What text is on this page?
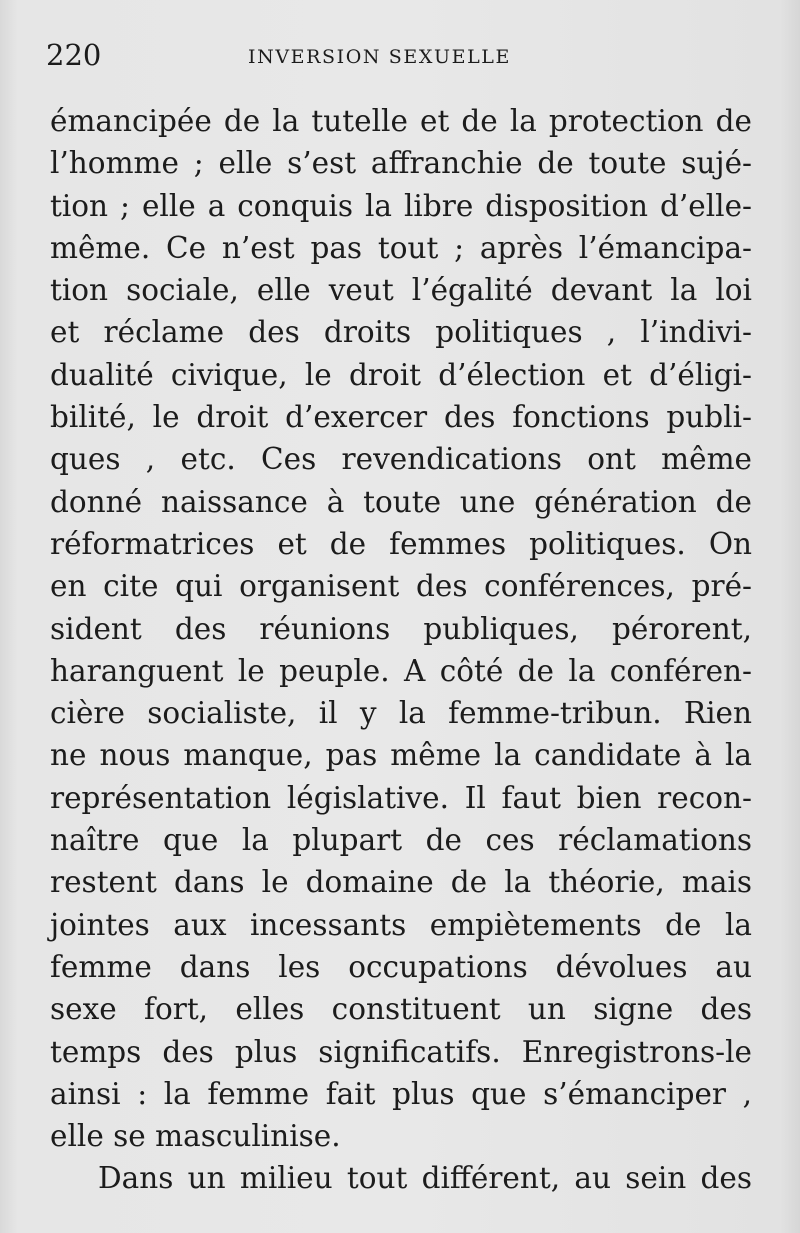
220	INVERSION SEXUELLE
émancipée de la tutelle et de la protection de
l’homme ; elle s’est affranchie de toute sujé-
tion ; elle a conquis la libre disposition d’elle-
même. Ce n’est pas tout ; après l’émancipa-
tion sociale, elle veut l’égalité devant la loi
et réclame des droits politiques , l’indivi-
dualité civique, le droit d’élection et d’éligi-
bilité, le droit d’exercer des fonctions publi-
ques , etc. Ces revendications ont même
donné naissance à toute une génération de
réformatrices et de femmes politiques. On
en cite qui organisent des conférences, pré-
sident des réunions publiques, pérorent,
haranguent le peuple. A côté de la conféren-
cière socialiste, il y la femme-tribun. Rien
ne nous manque, pas même la candidate à la
représentation législative. Il faut bien recon-
naître que la plupart de ces réclamations
restent dans le domaine de la théorie, mais
jointes aux incessants empiètements de la
femme dans les occupations dévolues au
sexe fort, elles constituent un signe des
temps des plus significatifs. Enregistrons-le
ainsi : la femme fait plus que s’émanciper ,
elle se masculinise.
Dans un milieu tout différent, au sein des
